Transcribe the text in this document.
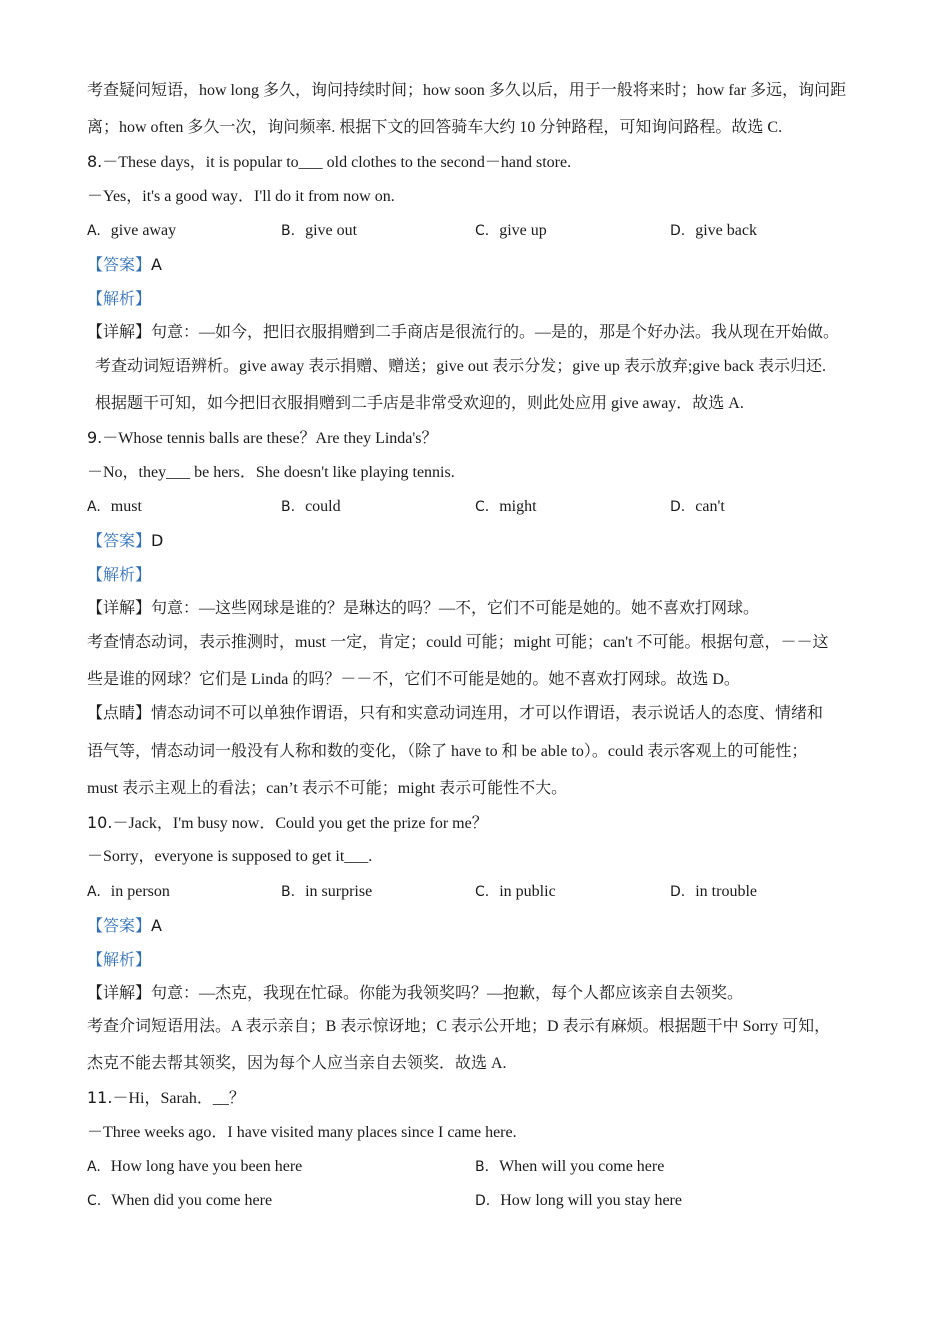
考查疑问短语，how long 多久，询问持续时间；how soon 多久以后，用于一般将来时；how far 多远，询问距
离；how often 多久一次，询问频率. 根据下文的回答骑车大约 10 分钟路程，可知询问路程。故选 C.
8.－These days，it is popular to___ old clothes to the second－hand store.
－Yes，it's a good way．I'll do it from now on.
A. give away	B. give out	C. give up	D. give back
【答案】A
【解析】
【详解】句意：—如今，把旧衣服捐赠到二手商店是很流行的。—是的，那是个好办法。我从现在开始做。
考查动词短语辨析。give away 表示捐赠、赠送；give out 表示分发；give up 表示放弃;give back 表示归还.
根据题干可知，如今把旧衣服捐赠到二手店是非常受欢迎的，则此处应用 give away．故选 A.
9.－Whose tennis balls are these？Are they Linda's？
－No，they___ be hers．She doesn't like playing tennis.
A. must	B. could	C. might	D. can't
【答案】D
【解析】
【详解】句意：—这些网球是谁的？是琳达的吗？—不，它们不可能是她的。她不喜欢打网球。
考查情态动词，表示推测时，must 一定，肯定；could 可能；might 可能；can't 不可能。根据句意，－－这
些是谁的网球？它们是 Linda 的吗？－－不，它们不可能是她的。她不喜欢打网球。故选 D。
【点睛】情态动词不可以单独作谓语，只有和实意动词连用，才可以作谓语，表示说话人的态度、情绪和
语气等，情态动词一般没有人称和数的变化，（除了 have to 和 be able to）。could 表示客观上的可能性；
must 表示主观上的看法；can’t 表示不可能；might 表示可能性不大。
10.－Jack，I'm busy now．Could you get the prize for me？
－Sorry，everyone is supposed to get it___.
A. in person	B. in surprise	C. in public	D. in trouble
【答案】A
【解析】
【详解】句意：—杰克，我现在忙碌。你能为我领奖吗？—抱歉，每个人都应该亲自去领奖。
考查介词短语用法。A 表示亲自；B 表示惊讶地；C 表示公开地；D 表示有麻烦。根据题干中 Sorry 可知，
杰克不能去帮其领奖，因为每个人应当亲自去领奖．故选 A.
11.－Hi，Sarah．__？
－Three weeks ago．I have visited many places since I came here.
A. How long have you been here	B. When will you come here
C. When did you come here	D. How long will you stay here
